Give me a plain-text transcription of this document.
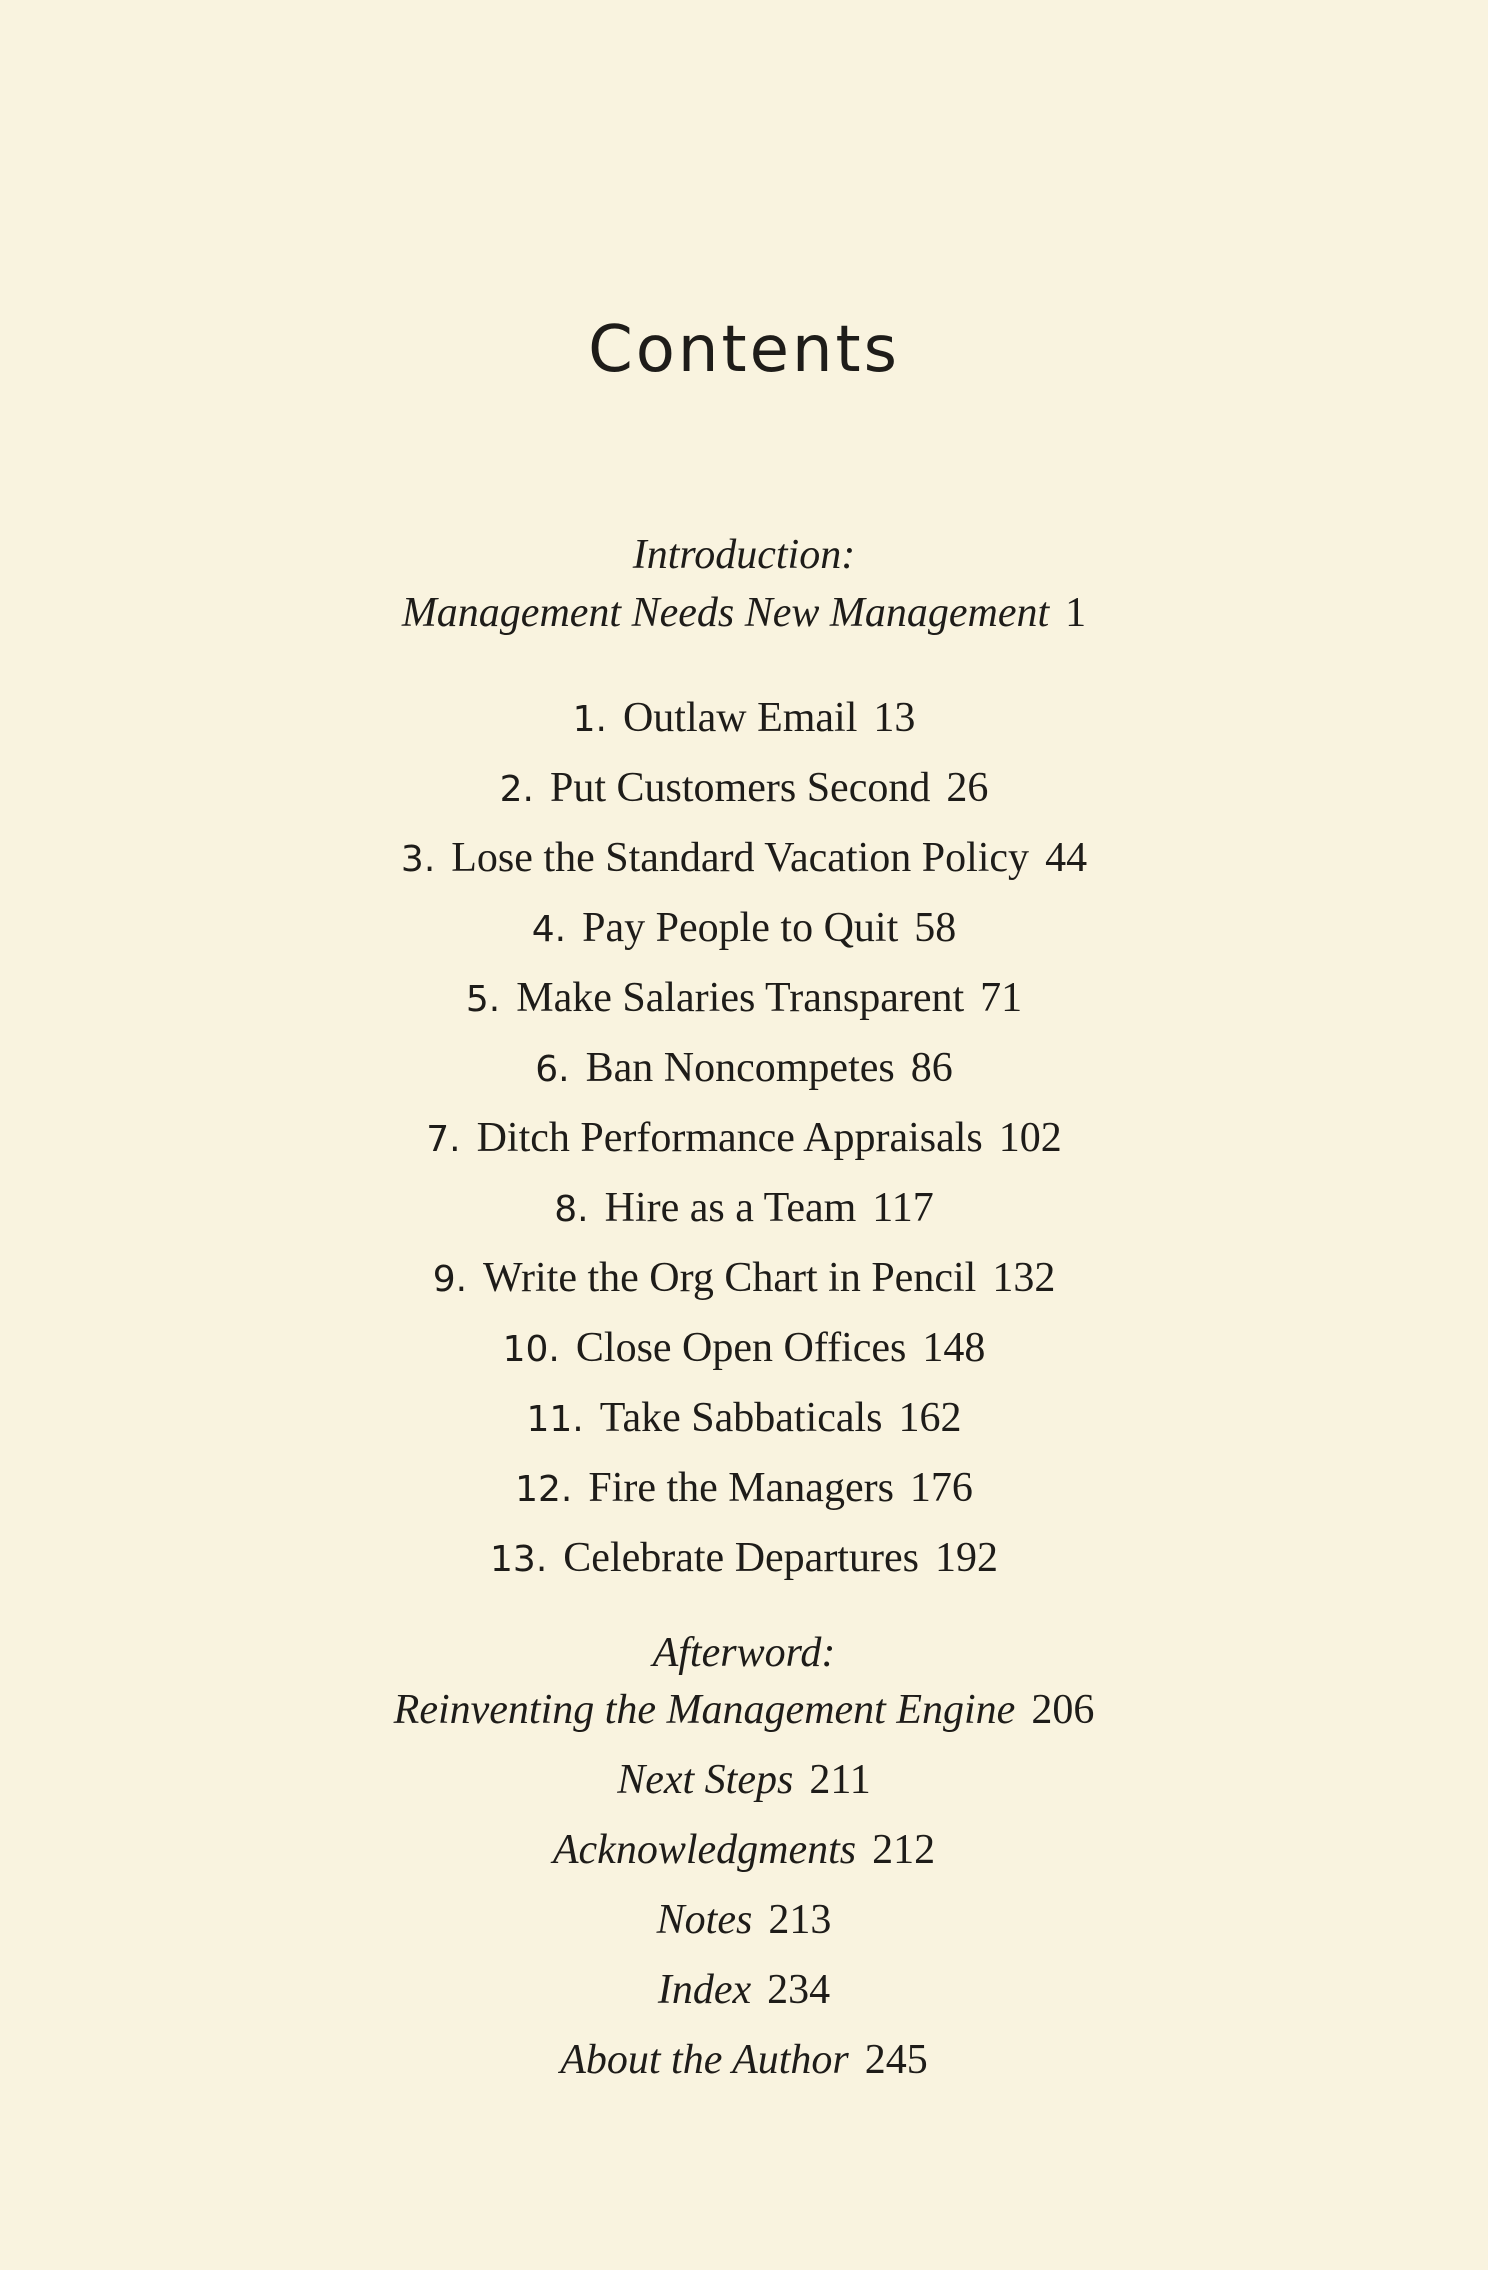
Contents
Introduction:
Management Needs New Management 1
1. Outlaw Email 13
2. Put Customers Second 26
3. Lose the Standard Vacation Policy 44
4. Pay People to Quit 58
5. Make Salaries Transparent 71
6. Ban Noncompetes 86
7. Ditch Performance Appraisals 102
8. Hire as a Team 117
9. Write the Org Chart in Pencil 132
10. Close Open Offices 148
11. Take Sabbaticals 162
12. Fire the Managers 176
13. Celebrate Departures 192
Afterword:
Reinventing the Management Engine 206
Next Steps 211
Acknowledgments 212
Notes 213
Index 234
About the Author 245
